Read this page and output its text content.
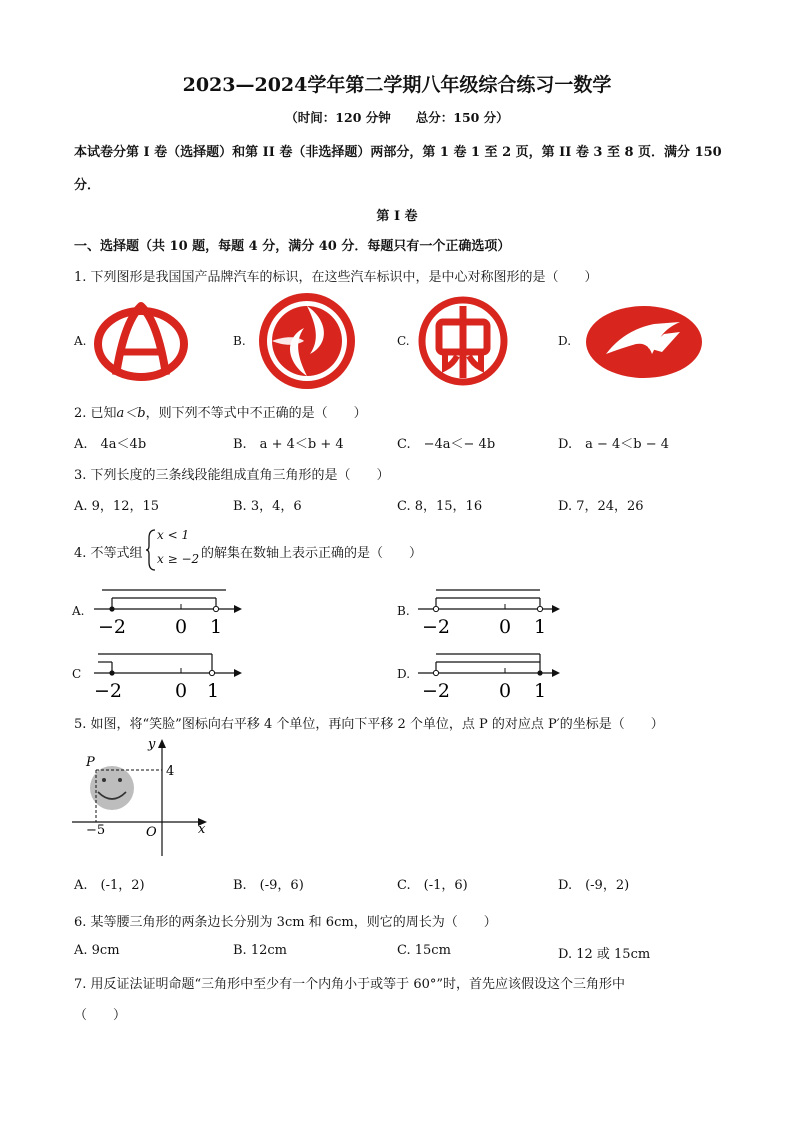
2023—2024学年第二学期八年级综合练习一数学
（时间：120 分钟　　总分：150 分）
本试卷分第 I 卷（选择题）和第 II 卷（非选择题）两部分，第 1 卷 1 至 2 页，第 II 卷 3 至 8 页．满分 150
分．
第 I 卷
一、选择题（共 10 题，每题 4 分，满分 40 分．每题只有一个正确选项）
1. 下列图形是我国国产品牌汽车的标识，在这些汽车标识中，是中心对称图形的是（　　）
A.	B.	C.	D.
2. 已知a＜b，则下列不等式中不正确的是（　　）
A.　4a＜4b	B.　a + 4＜b + 4	C.　−4a＜− 4b	D.　a − 4＜b − 4
3. 下列长度的三条线段能组成直角三角形的是（　　）
A. 9，12，15	B. 3，4，6	C. 8，15，16	D. 7，24，26
4. 不等式组
x < 1
x ≥ −2 的解集在数轴上表示正确的是（　　）
A.
−2	0 1
B.
−2	0 1
C
−2	0 1
D.
−2	0 1
5. 如图，将“笑脸”图标向右平移 4 个单位，再向下平移 2 个单位，点 P 的对应点 P′的坐标是（　　）
y
x
O
P
4
−5
A.　(-1，2)	B.　(-9，6)	C.　(-1，6)	D.　(-9，2)
6. 某等腰三角形的两条边长分别为 3cm 和 6cm，则它的周长为（　　）
A. 9cm	B. 12cm	C. 15cm	D. 12 或 15cm
7. 用反证法证明命题“三角形中至少有一个内角小于或等于 60°”时，首先应该假设这个三角形中
（　　）
